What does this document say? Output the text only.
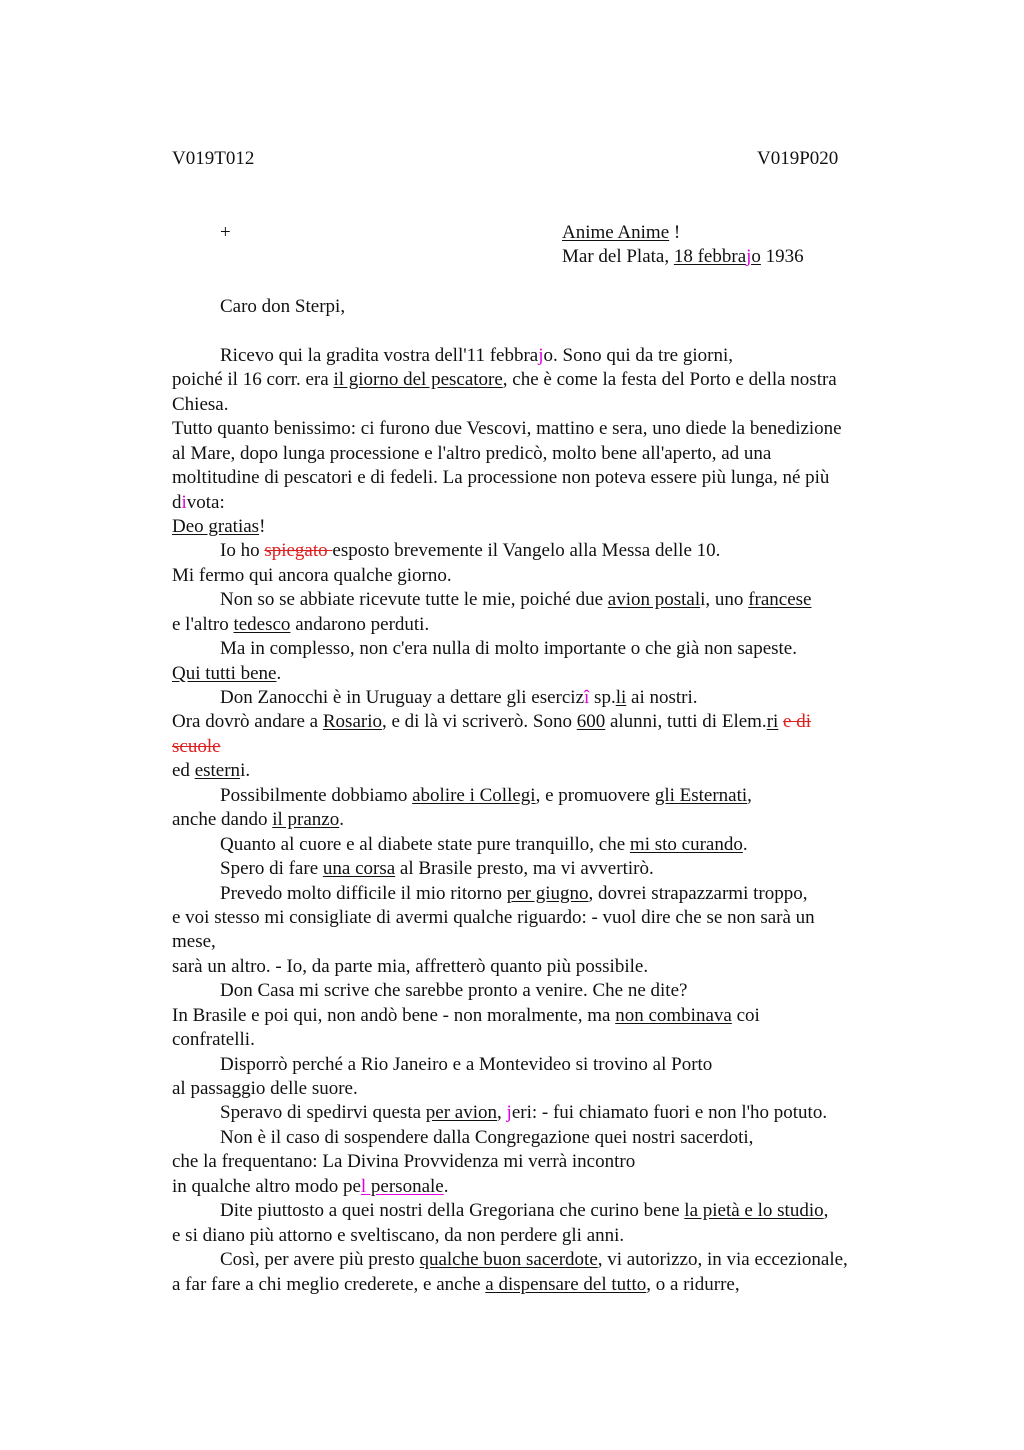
V019T012	V019P020
+	Anime Anime !
Mar del Plata, 18 febbrajo 1936
Caro don Sterpi,
Ricevo qui la gradita vostra dell'11 febbrajo. Sono qui da tre giorni,
poiché il 16 corr. era il giorno del pescatore, che è come la festa del Porto e della nostra
Chiesa.
Tutto quanto benissimo: ci furono due Vescovi, mattino e sera, uno diede la benedizione
al Mare, dopo lunga processione e l'altro predicò, molto bene all'aperto, ad una
moltitudine di pescatori e di fedeli. La processione non poteva essere più lunga, né più
divota:
Deo gratias!
Io ho spiegato esposto brevemente il Vangelo alla Messa delle 10.
Mi fermo qui ancora qualche giorno.
Non so se abbiate ricevute tutte le mie, poiché due avion postali, uno francese
e l'altro tedesco andarono perduti.
Ma in complesso, non c'era nulla di molto importante o che già non sapeste.
Qui tutti bene.
Don Zanocchi è in Uruguay a dettare gli esercizî sp.li ai nostri.
Ora dovrò andare a Rosario, e di là vi scriverò. Sono 600 alunni, tutti di Elem.ri e di
scuole
ed esterni.
Possibilmente dobbiamo abolire i Collegi, e promuovere gli Esternati,
anche dando il pranzo.
Quanto al cuore e al diabete state pure tranquillo, che mi sto curando.
Spero di fare una corsa al Brasile presto, ma vi avvertirò.
Prevedo molto difficile il mio ritorno per giugno, dovrei strapazzarmi troppo,
e voi stesso mi consigliate di avermi qualche riguardo: - vuol dire che se non sarà un
mese,
sarà un altro. - Io, da parte mia, affretterò quanto più possibile.
Don Casa mi scrive che sarebbe pronto a venire. Che ne dite?
In Brasile e poi qui, non andò bene - non moralmente, ma non combinava coi
confratelli.
Disporrò perché a Rio Janeiro e a Montevideo si trovino al Porto
al passaggio delle suore.
Speravo di spedirvi questa per avion, jeri: - fui chiamato fuori e non l'ho potuto.
Non è il caso di sospendere dalla Congregazione quei nostri sacerdoti,
che la frequentano: La Divina Provvidenza mi verrà incontro
in qualche altro modo pel personale.
Dite piuttosto a quei nostri della Gregoriana che curino bene la pietà e lo studio,
e si diano più attorno e sveltiscano, da non perdere gli anni.
Così, per avere più presto qualche buon sacerdote, vi autorizzo, in via eccezionale,
a far fare a chi meglio crederete, e anche a dispensare del tutto, o a ridurre,
